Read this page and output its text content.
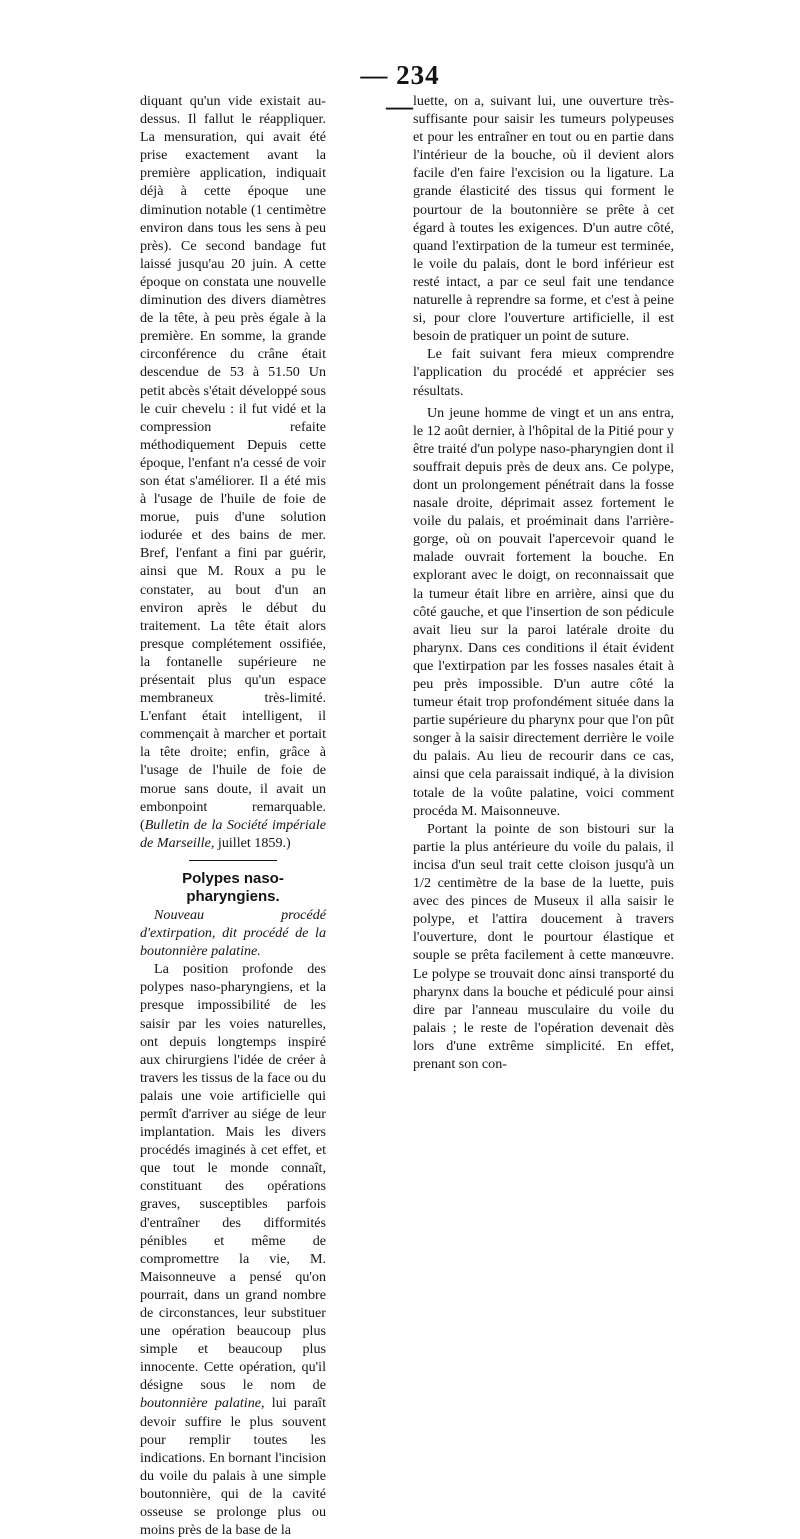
— 234 —

diquant qu'un vide existait au-dessus. Il fallut le réappliquer. La mensuration, qui avait été prise exactement avant la première application, indiquait déjà à cette époque une diminution notable (1 centimètre environ dans tous les sens à peu près). Ce second bandage fut laissé jusqu'au 20 juin. A cette époque on constata une nouvelle diminution des divers diamètres de la tête, à peu près égale à la première. En somme, la grande circonférence du crâne était descendue de 53 à 51.50 Un petit abcès s'était développé sous le cuir chevelu : il fut vidé et la compression refaite méthodiquement Depuis cette époque, l'enfant n'a cessé de voir son état s'améliorer. Il a été mis à l'usage de l'huile de foie de morue, puis d'une solution iodurée et des bains de mer. Bref, l'enfant a fini par guérir, ainsi que M. Roux a pu le constater, au bout d'un an environ après le début du traitement. La tête était alors presque complétement ossifiée, la fontanelle supérieure ne présentait plus qu'un espace membraneux très-limité. L'enfant était intelligent, il commençait à marcher et portait la tête droite; enfin, grâce à l'usage de l'huile de foie de morue sans doute, il avait un embonpoint remarquable. (Bulletin de la Société impériale de Marseille, juillet 1859.)

Polypes naso-pharyngiens.

Nouveau procédé d'extirpation, dit procédé de la boutonnière palatine.

La position profonde des polypes naso-pharyngiens, et la presque impossibilité de les saisir par les voies naturelles, ont depuis longtemps inspiré aux chirurgiens l'idée de créer à travers les tissus de la face ou du palais une voie artificielle qui permît d'arriver au siége de leur implantation. Mais les divers procédés imaginés à cet effet, et que tout le monde connaît, constituant des opérations graves, susceptibles parfois d'entraîner des difformités pénibles et même de compromettre la vie, M. Maisonneuve a pensé qu'on pourrait, dans un grand nombre de circonstances, leur substituer une opération beaucoup plus simple et beaucoup plus innocente. Cette opération, qu'il désigne sous le nom de boutonnière palatine, lui paraît devoir suffire le plus souvent pour remplir toutes les indications. En bornant l'incision du voile du palais à une simple boutonnière, qui de la cavité osseuse se prolonge plus ou moins près de la base de la

luette, on a, suivant lui, une ouverture très-suffisante pour saisir les tumeurs polypeuses et pour les entraîner en tout ou en partie dans l'intérieur de la bouche, où il devient alors facile d'en faire l'excision ou la ligature. La grande élasticité des tissus qui forment le pourtour de la boutonnière se prête à cet égard à toutes les exigences. D'un autre côté, quand l'extirpation de la tumeur est terminée, le voile du palais, dont le bord inférieur est resté intact, a par ce seul fait une tendance naturelle à reprendre sa forme, et c'est à peine si, pour clore l'ouverture artificielle, il est besoin de pratiquer un point de suture.

Le fait suivant fera mieux comprendre l'application du procédé et apprécier ses résultats.

Un jeune homme de vingt et un ans entra, le 12 août dernier, à l'hôpital de la Pitié pour y être traité d'un polype naso-pharyngien dont il souffrait depuis près de deux ans. Ce polype, dont un prolongement pénétrait dans la fosse nasale droite, déprimait assez fortement le voile du palais, et proéminait dans l'arrière-gorge, où on pouvait l'apercevoir quand le malade ouvrait fortement la bouche. En explorant avec le doigt, on reconnaissait que la tumeur était libre en arrière, ainsi que du côté gauche, et que l'insertion de son pédicule avait lieu sur la paroi latérale droite du pharynx. Dans ces conditions il était évident que l'extirpation par les fosses nasales était à peu près impossible. D'un autre côté la tumeur était trop profondément située dans la partie supérieure du pharynx pour que l'on pût songer à la saisir directement derrière le voile du palais. Au lieu de recourir dans ce cas, ainsi que cela paraissait indiqué, à la division totale de la voûte palatine, voici comment procéda M. Maisonneuve.

Portant la pointe de son bistouri sur la partie la plus antérieure du voile du palais, il incisa d'un seul trait cette cloison jusqu'à un 1/2 centimètre de la base de la luette, puis avec des pinces de Museux il alla saisir le polype, et l'attira doucement à travers l'ouverture, dont le pourtour élastique et souple se prêta facilement à cette manœuvre. Le polype se trouvait donc ainsi transporté du pharynx dans la bouche et pédiculé pour ainsi dire par l'anneau musculaire du voile du palais ; le reste de l'opération devenait dès lors d'une extrême simplicité. En effet, prenant son con-
